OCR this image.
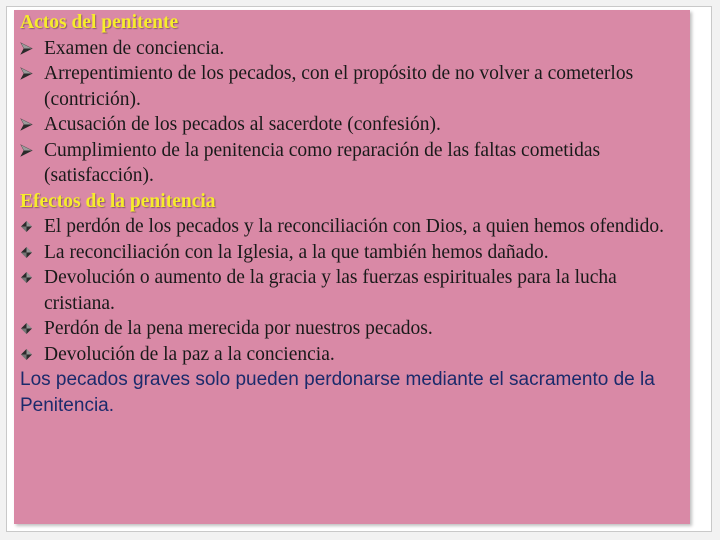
Actos del penitente
Examen de conciencia.
Arrepentimiento de los pecados, con el propósito de no volver a cometerlos (contrición).
Acusación de los pecados al sacerdote (confesión).
Cumplimiento de la penitencia como reparación de las faltas cometidas (satisfacción).
Efectos de la penitencia
El perdón de los pecados y la reconciliación con Dios, a quien hemos ofendido.
La reconciliación con la Iglesia, a la que también hemos dañado.
Devolución o aumento de la gracia y las fuerzas espirituales para la lucha cristiana.
Perdón de la pena merecida por nuestros pecados.
Devolución de la paz a la conciencia.
Los pecados graves solo pueden perdonarse mediante el sacramento de la Penitencia.
